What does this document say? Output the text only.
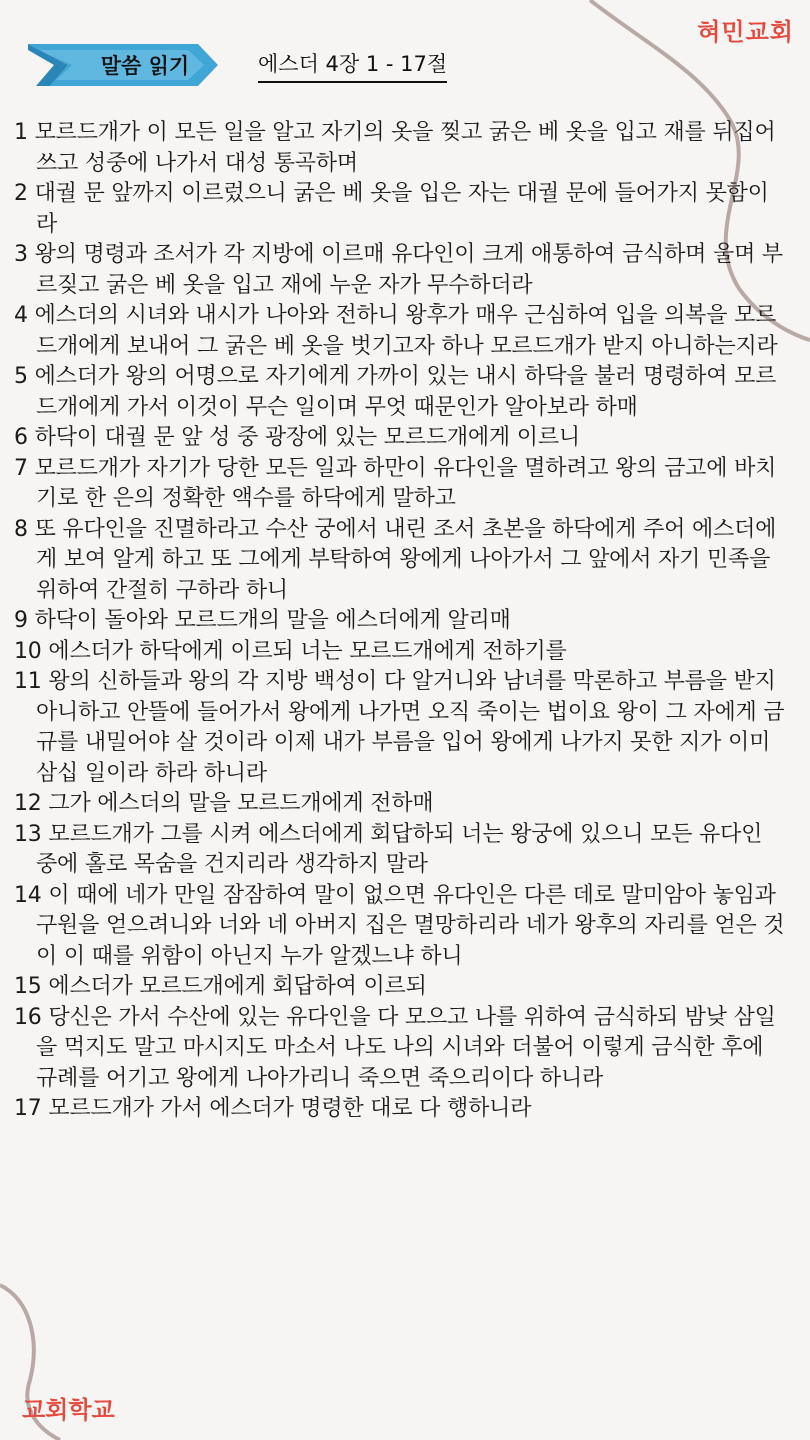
혀민교회
말씀 읽기	에스더 4장 1 - 17절
1 모르드개가 이 모든 일을 알고 자기의 옷을 찢고 굵은 베 옷을 입고 재를 뒤집어쓰고 성중에 나가서 대성 통곡하며
2 대궐 문 앞까지 이르렀으니 굵은 베 옷을 입은 자는 대궐 문에 들어가지 못함이라
3 왕의 명령과 조서가 각 지방에 이르매 유다인이 크게 애통하여 금식하며 울며 부르짖고 굵은 베 옷을 입고 재에 누운 자가 무수하더라
4 에스더의 시녀와 내시가 나아와 전하니 왕후가 매우 근심하여 입을 의복을 모르드개에게 보내어 그 굵은 베 옷을 벗기고자 하나 모르드개가 받지 아니하는지라
5 에스더가 왕의 어명으로 자기에게 가까이 있는 내시 하닥을 불러 명령하여 모르드개에게 가서 이것이 무슨 일이며 무엇 때문인가 알아보라 하매
6 하닥이 대궐 문 앞 성 중 광장에 있는 모르드개에게 이르니
7 모르드개가 자기가 당한 모든 일과 하만이 유다인을 멸하려고 왕의 금고에 바치기로 한 은의 정확한 액수를 하닥에게 말하고
8 또 유다인을 진멸하라고 수산 궁에서 내린 조서 초본을 하닥에게 주어 에스더에게 보여 알게 하고 또 그에게 부탁하여 왕에게 나아가서 그 앞에서 자기 민족을 위하여 간절히 구하라 하니
9 하닥이 돌아와 모르드개의 말을 에스더에게 알리매
10 에스더가 하닥에게 이르되 너는 모르드개에게 전하기를
11 왕의 신하들과 왕의 각 지방 백성이 다 알거니와 남녀를 막론하고 부름을 받지 아니하고 안뜰에 들어가서 왕에게 나가면 오직 죽이는 법이요 왕이 그 자에게 금 규를 내밀어야 살 것이라 이제 내가 부름을 입어 왕에게 나가지 못한 지가 이미 삼십 일이라 하라 하니라
12 그가 에스더의 말을 모르드개에게 전하매
13 모르드개가 그를 시켜 에스더에게 회답하되 너는 왕궁에 있으니 모든 유다인 중에 홀로 목숨을 건지리라 생각하지 말라
14 이 때에 네가 만일 잠잠하여 말이 없으면 유다인은 다른 데로 말미암아 놓임과 구원을 얻으려니와 너와 네 아버지 집은 멸망하리라 네가 왕후의 자리를 얻은 것이 이 때를 위함이 아닌지 누가 알겠느냐 하니
15 에스더가 모르드개에게 회답하여 이르되
16 당신은 가서 수산에 있는 유다인을 다 모으고 나를 위하여 금식하되 밤낮 삼일을 먹지도 말고 마시지도 마소서 나도 나의 시녀와 더불어 이렇게 금식한 후에 규례를 어기고 왕에게 나아가리니 죽으면 죽으리이다 하니라
17 모르드개가 가서 에스더가 명령한 대로 다 행하니라
교회학교
